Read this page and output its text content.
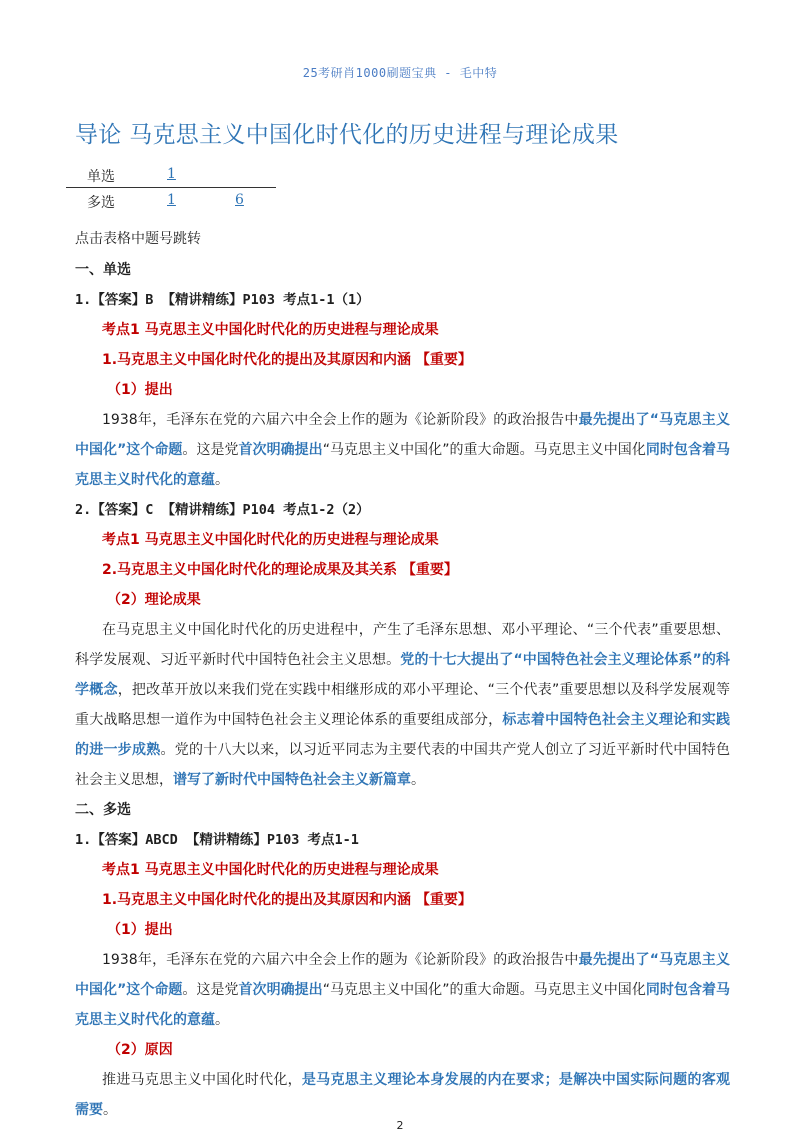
25考研肖1000刷题宝典 - 毛中特
导论 马克思主义中国化时代化的历史进程与理论成果
单选	1
多选	1	6
点击表格中题号跳转
一、单选
1.【答案】B 【精讲精练】P103 考点1-1（1）
考点1 马克思主义中国化时代化的历史进程与理论成果
1.马克思主义中国化时代化的提出及其原因和内涵 【重要】
（1）提出
1938年，毛泽东在党的六届六中全会上作的题为《论新阶段》的政治报告中最先提出了“马克思主义中国化”这个命题。这是党首次明确提出“马克思主义中国化”的重大命题。马克思主义中国化同时包含着马克思主义时代化的意蕴。
2.【答案】C 【精讲精练】P104 考点1-2（2）
考点1 马克思主义中国化时代化的历史进程与理论成果
2.马克思主义中国化时代化的理论成果及其关系 【重要】
（2）理论成果
在马克思主义中国化时代化的历史进程中，产生了毛泽东思想、邓小平理论、“三个代表”重要思想、科学发展观、习近平新时代中国特色社会主义思想。党的十七大提出了“中国特色社会主义理论体系”的科学概念，把改革开放以来我们党在实践中相继形成的邓小平理论、“三个代表”重要思想以及科学发展观等重大战略思想一道作为中国特色社会主义理论体系的重要组成部分，标志着中国特色社会主义理论和实践的进一步成熟。党的十八大以来，以习近平同志为主要代表的中国共产党人创立了习近平新时代中国特色社会主义思想，谱写了新时代中国特色社会主义新篇章。
二、多选
1.【答案】ABCD 【精讲精练】P103 考点1-1
考点1 马克思主义中国化时代化的历史进程与理论成果
1.马克思主义中国化时代化的提出及其原因和内涵 【重要】
（1）提出
1938年，毛泽东在党的六届六中全会上作的题为《论新阶段》的政治报告中最先提出了“马克思主义中国化”这个命题。这是党首次明确提出“马克思主义中国化”的重大命题。马克思主义中国化同时包含着马克思主义时代化的意蕴。
（2）原因
推进马克思主义中国化时代化，是马克思主义理论本身发展的内在要求；是解决中国实际问题的客观需要。
2
